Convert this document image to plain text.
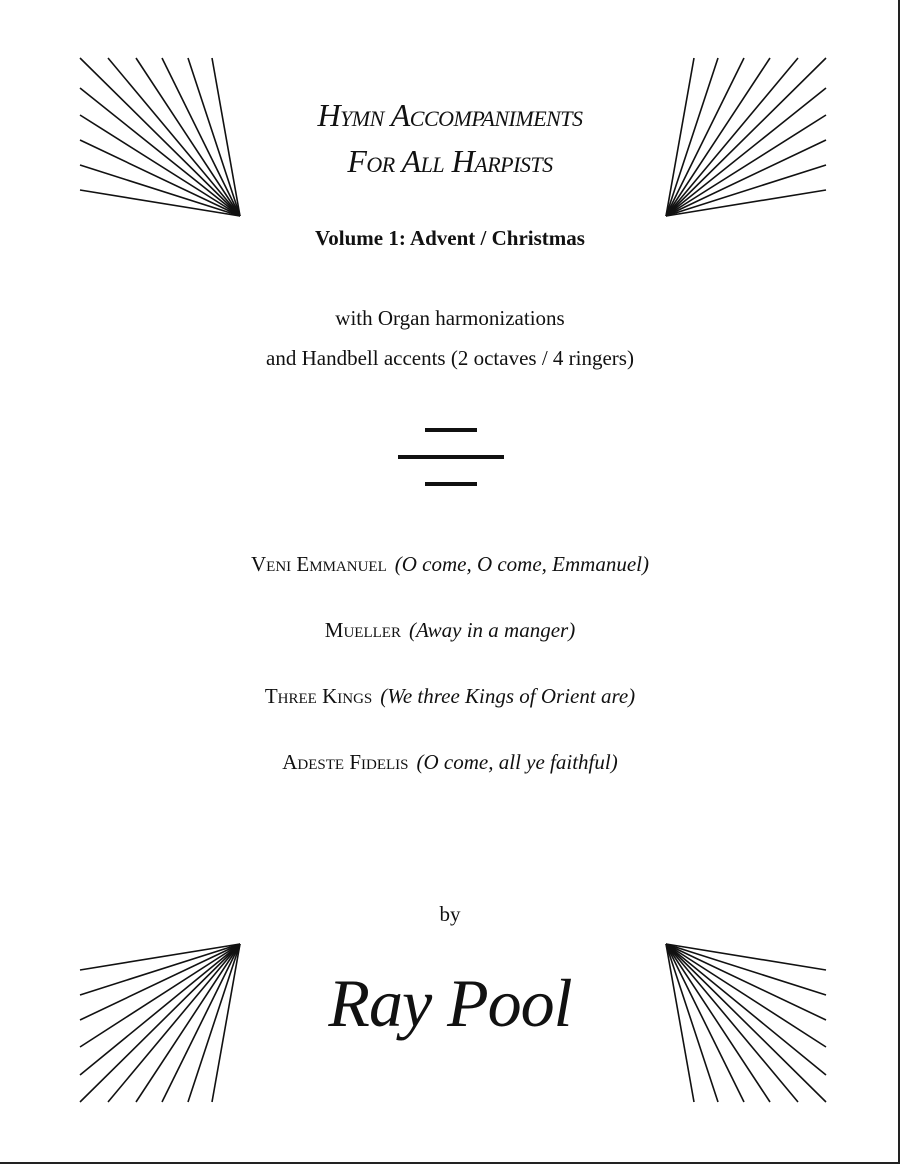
Hymn Accompaniments
For All Harpists
Volume 1: Advent / Christmas
with Organ harmonizations
and Handbell accents (2 octaves / 4 ringers)
Veni Emmanuel (O come, O come, Emmanuel)
Mueller (Away in a manger)
Three Kings (We three Kings of Orient are)
Adeste Fidelis (O come, all ye faithful)
by
Ray Pool
